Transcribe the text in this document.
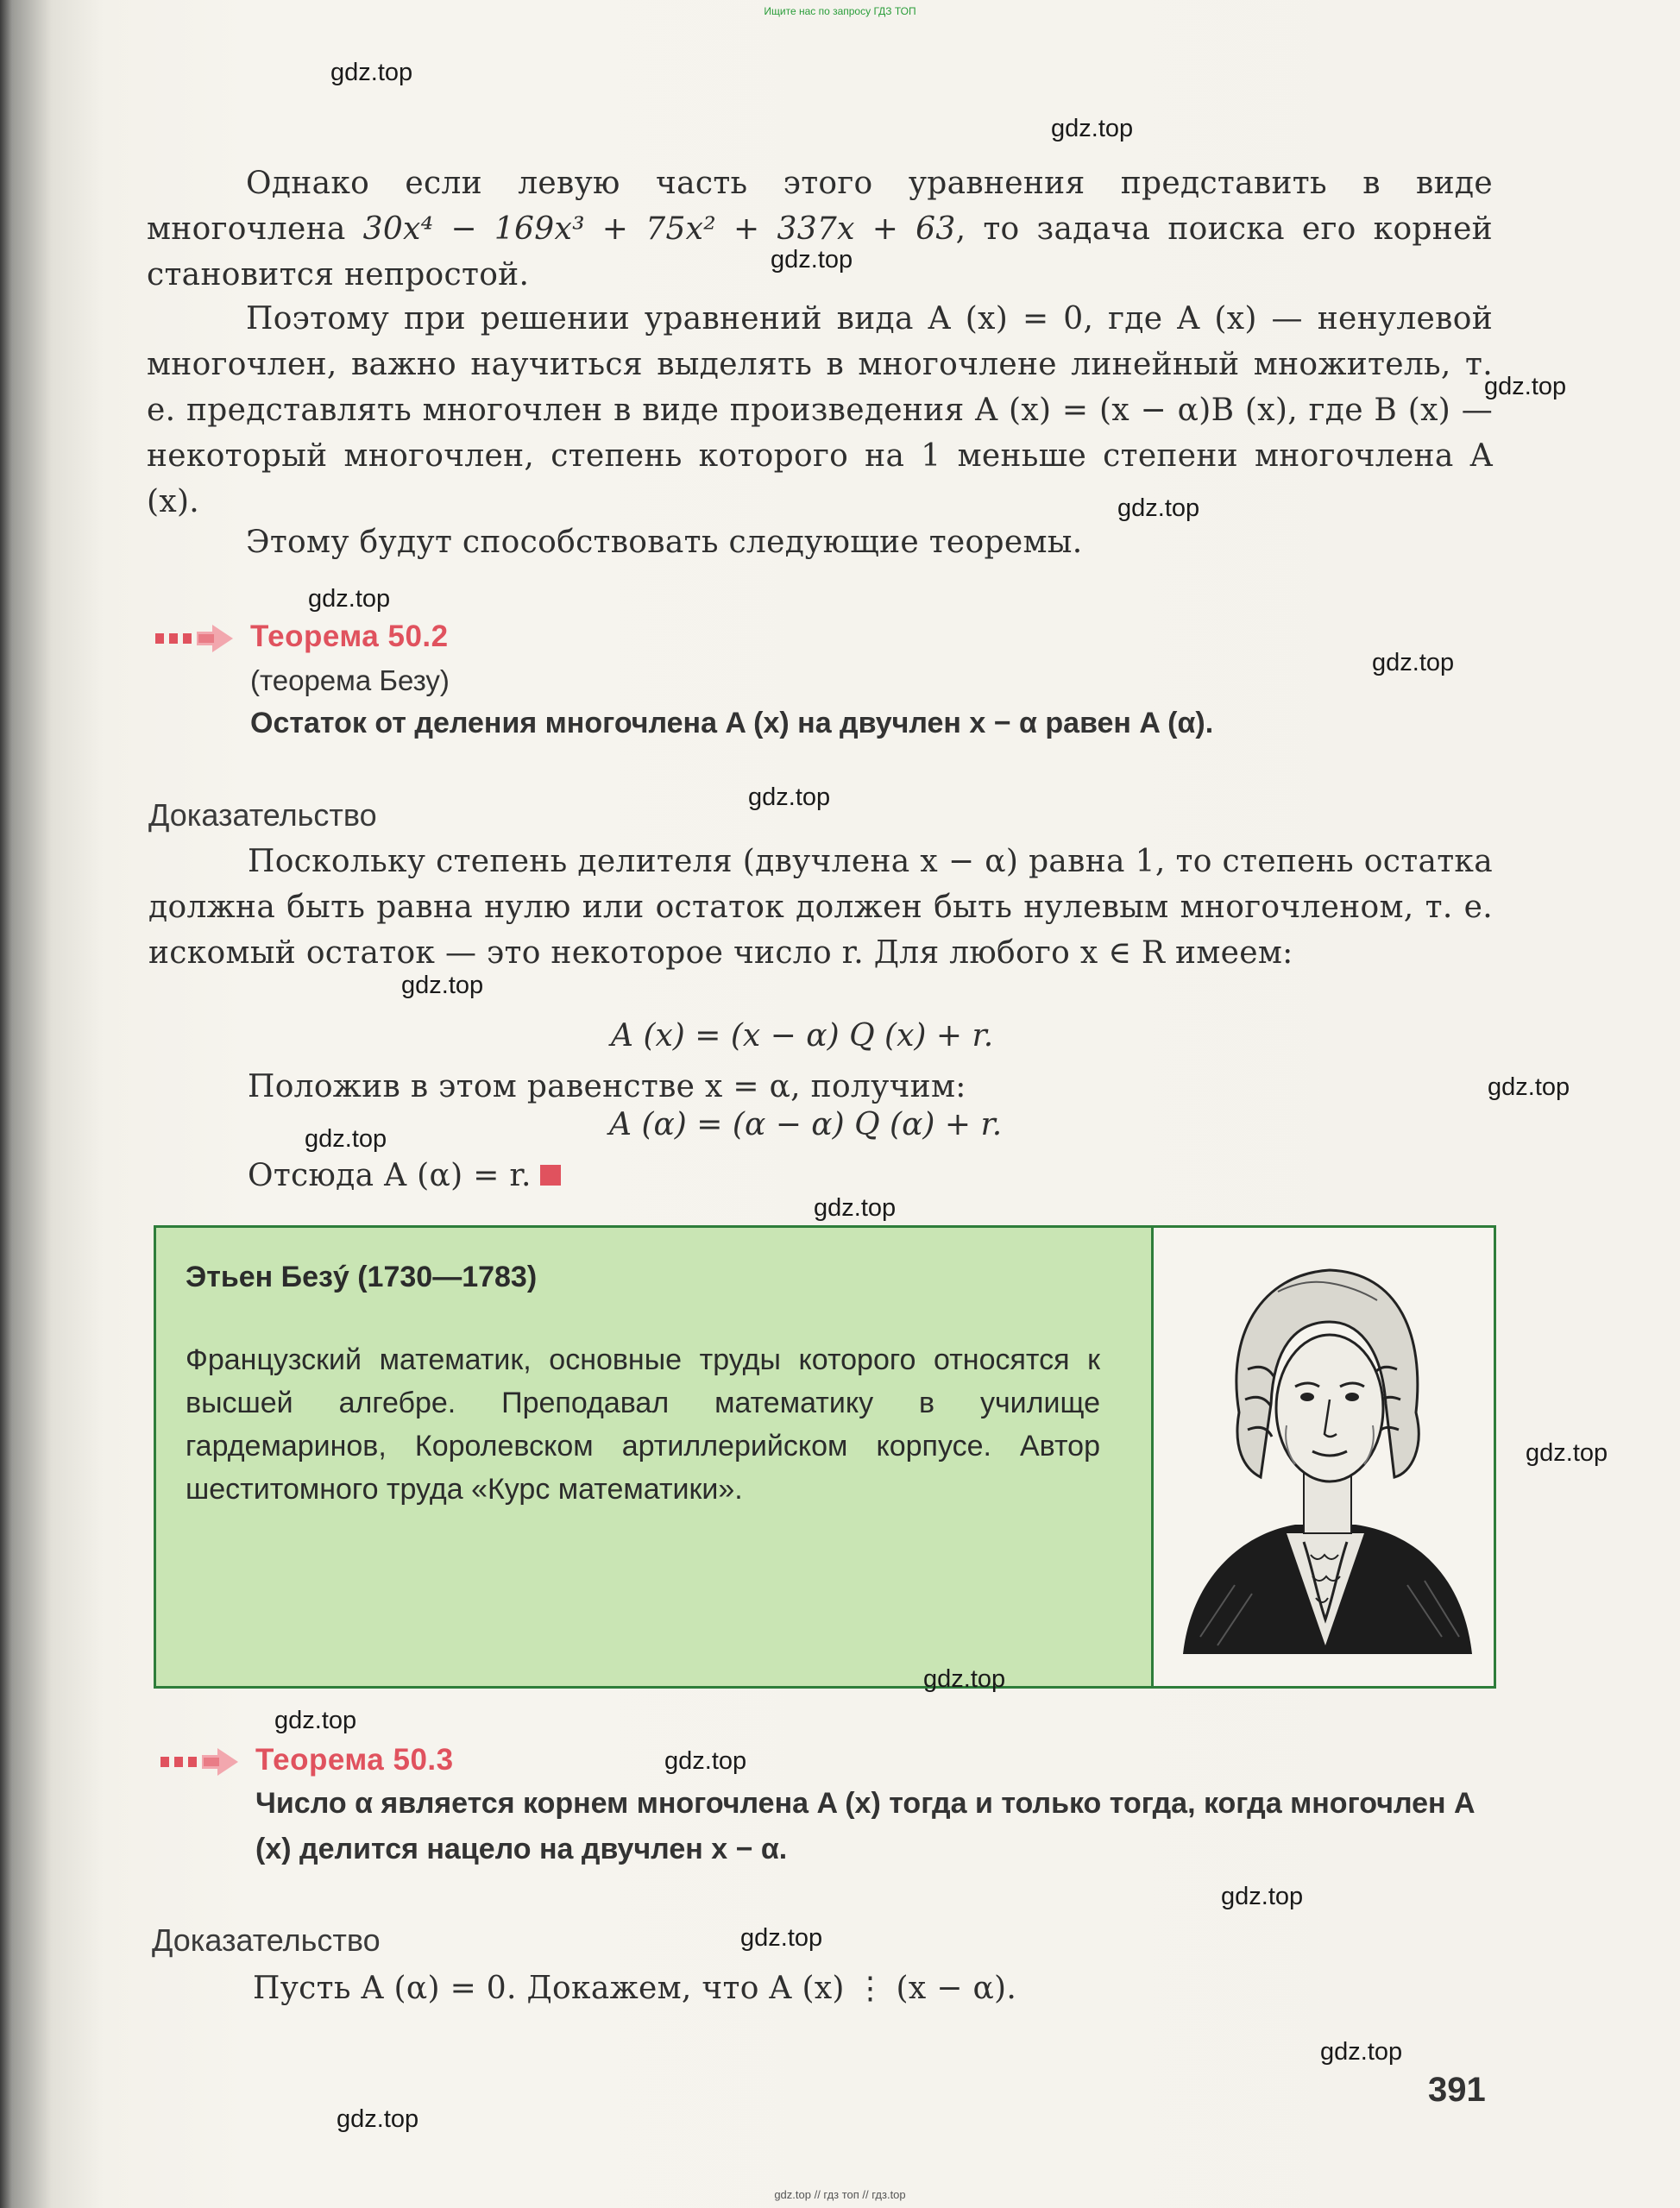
Ищите нас по запросу ГДЗ ТОП

Однако если левую часть этого уравнения представить в виде многочлена 30x⁴ − 169x³ + 75x² + 337x + 63, то задача поиска его корней становится непростой.

Поэтому при решении уравнений вида A (x) = 0, где A (x) — ненулевой многочлен, важно научиться выделять в многочлене линейный множитель, т. е. представлять многочлен в виде произведения A (x) = (x − α)B (x), где B (x) — некоторый многочлен, степень которого на 1 меньше степени многочлена A (x).

Этому будут способствовать следующие теоремы.

Теорема 50.2
(теорема Безу)
Остаток от деления многочлена A (x) на двучлен x − α равен A (α).
Доказательство

Поскольку степень делителя (двучлена x − α) равна 1, то степень остатка должна быть равна нулю или остаток должен быть нулевым многочленом, т. е. искомый остаток — это некоторое число r. Для любого x ∈ R имеем:

A (x) = (x − α) Q (x) + r.

Положив в этом равенстве x = α, получим:

A (α) = (α − α) Q (α) + r.

Отсюда A (α) = r.

Этьен Безý (1730—1783)
Французский математик, основные труды которого относятся к высшей алгебре. Преподавал математику в училище гардемаринов, Королевском артиллерийском корпусе. Автор шеститомного труда «Курс математики».
Теорема 50.3
Число α является корнем многочлена A (x) тогда и только тогда, когда многочлен A (x) делится нацело на двучлен x − α.
Доказательство

Пусть A (α) = 0. Докажем, что A (x) ⋮ (x − α).

391
gdz.top
gdz.top
gdz.top
gdz.top
gdz.top
gdz.top
gdz.top
gdz.top
gdz.top
gdz.top
gdz.top
gdz.top
gdz.top
gdz.top
gdz.top
gdz.top
gdz.top
gdz.top
gdz.top
gdz.top
gdz.top // гдз топ // гдз.top
